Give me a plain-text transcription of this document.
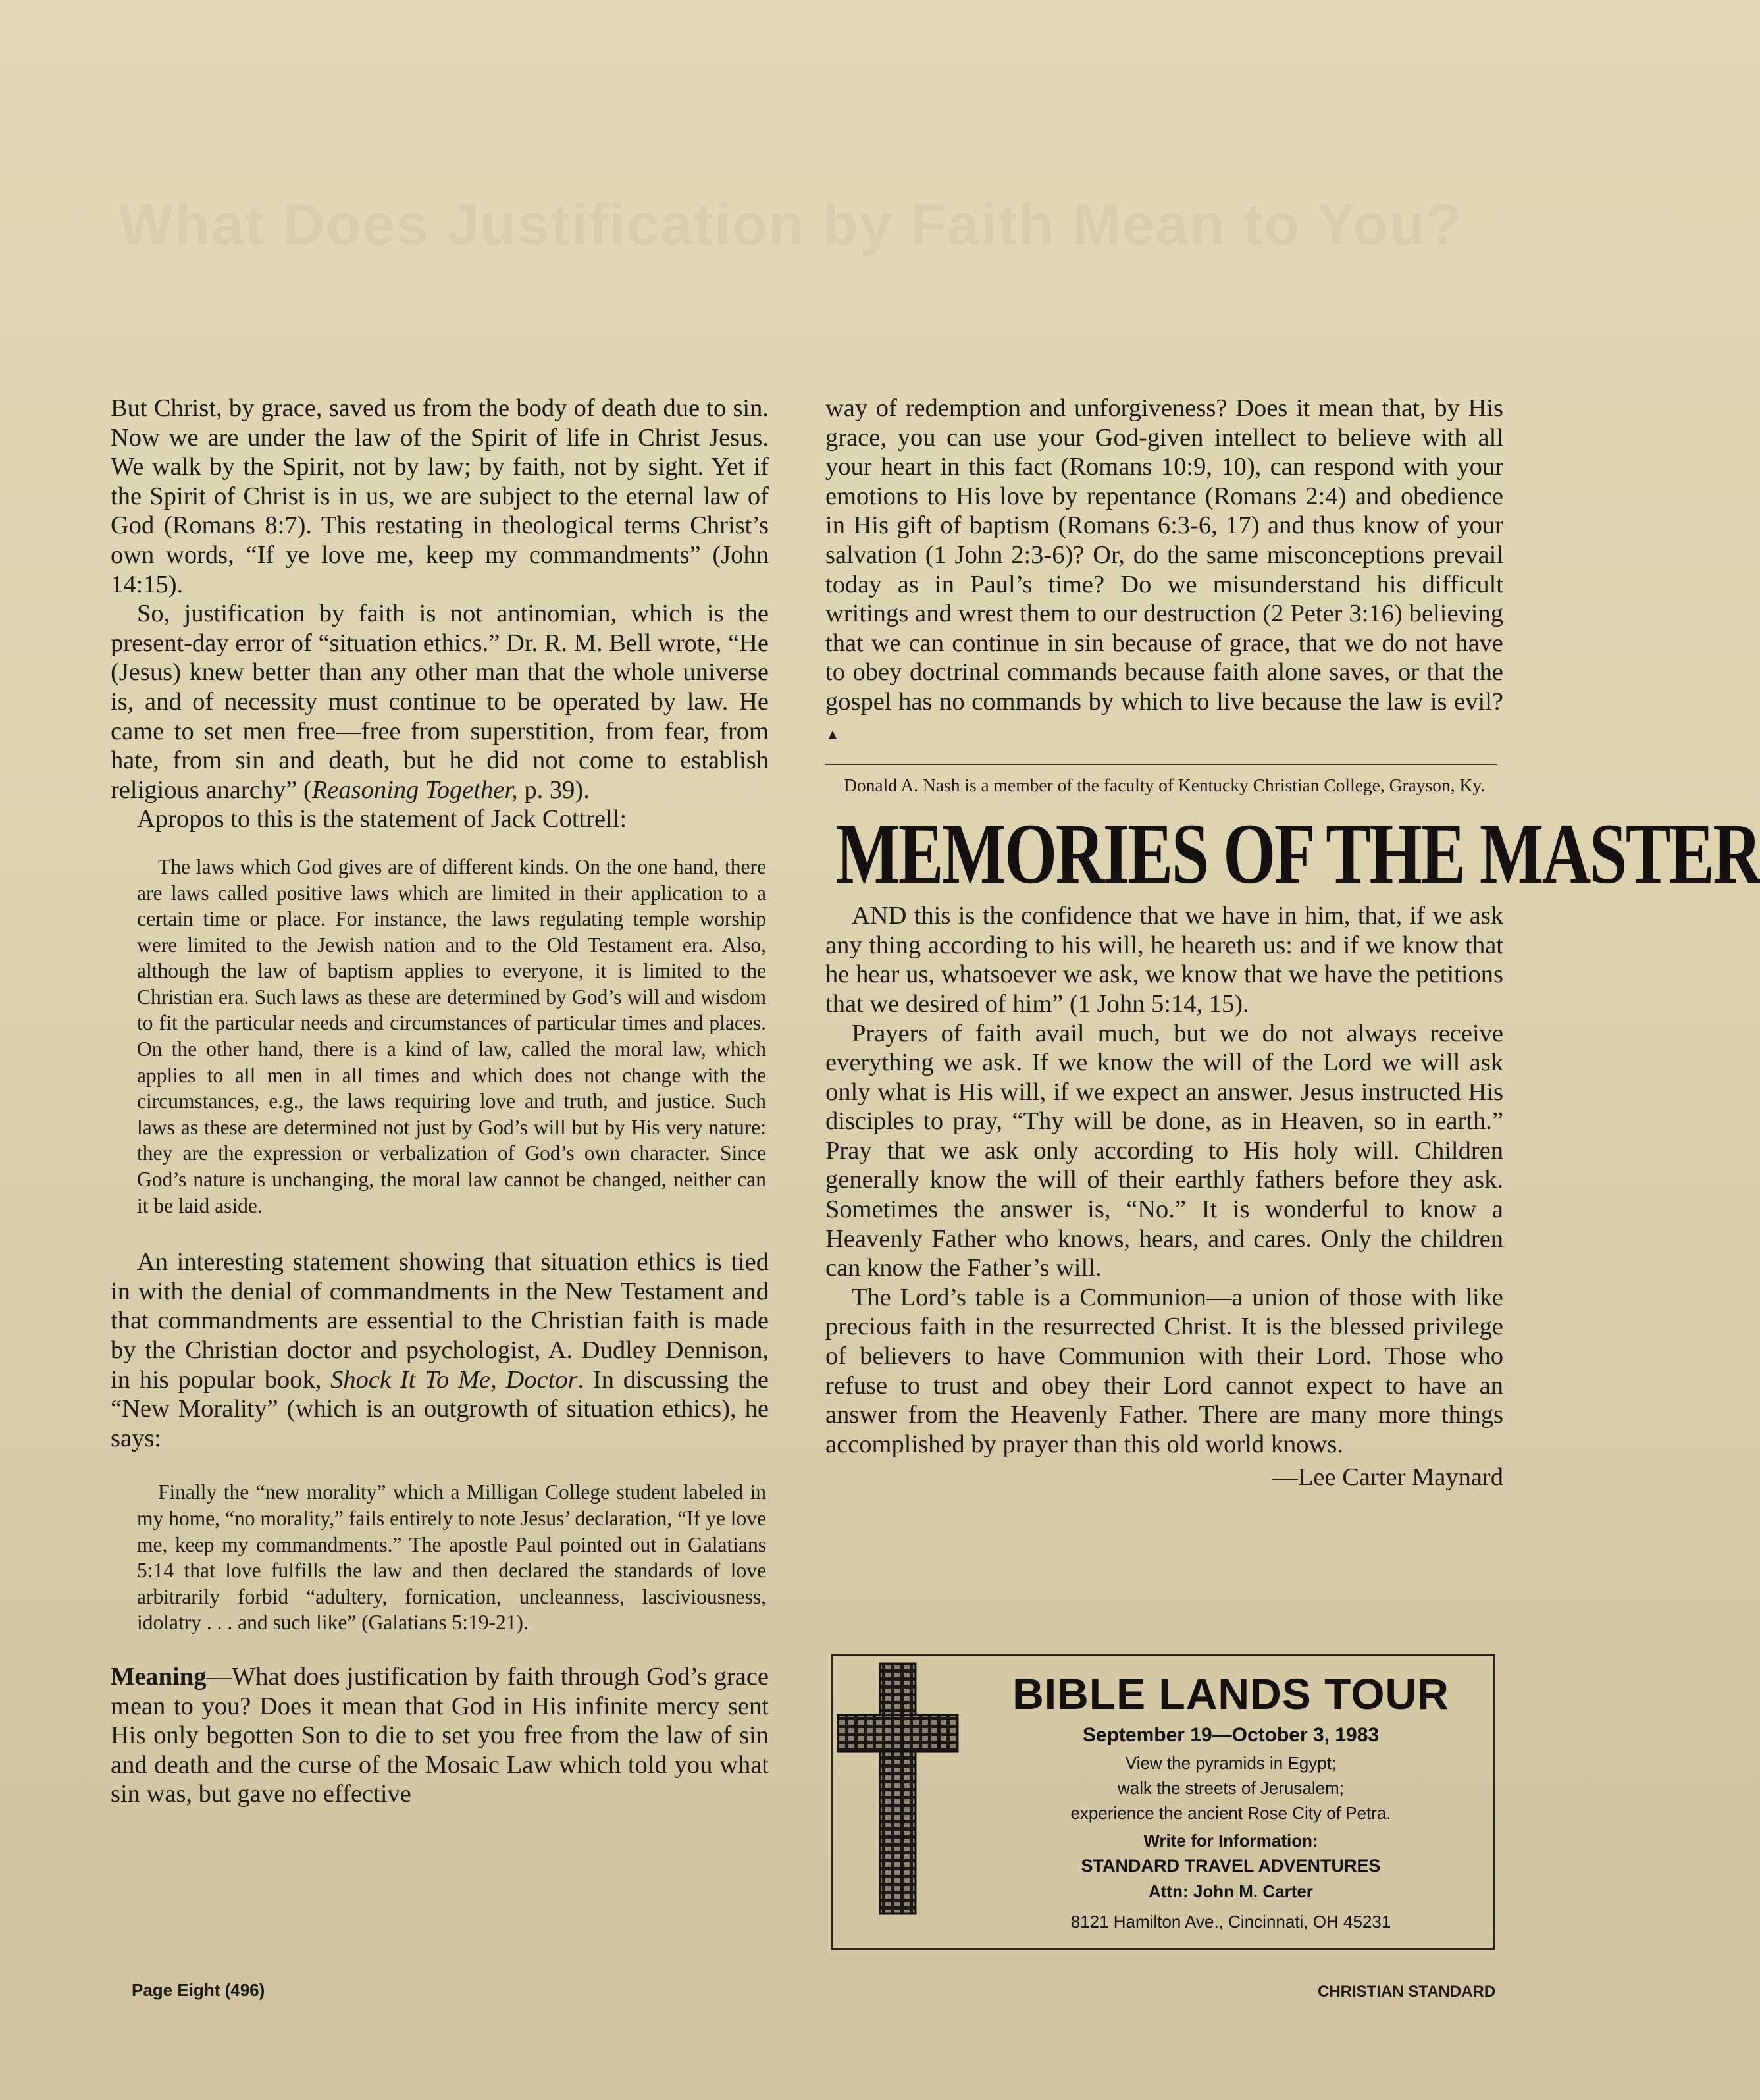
What Does Justification by Faith Mean to You?

But Christ, by grace, saved us from the body of death due to sin. Now we are under the law of the Spirit of life in Christ Jesus. We walk by the Spirit, not by law; by faith, not by sight. Yet if the Spirit of Christ is in us, we are subject to the eternal law of God (Romans 8:7). This restating in theological terms Christ’s own words, “If ye love me, keep my commandments” (John 14:15).

So, justification by faith is not antinomian, which is the present-day error of “situation ethics.” Dr. R. M. Bell wrote, “He (Jesus) knew better than any other man that the whole universe is, and of necessity must continue to be operated by law. He came to set men free—free from superstition, from fear, from hate, from sin and death, but he did not come to establish religious anarchy” (Reasoning Together, p. 39).

Apropos to this is the statement of Jack Cottrell:

The laws which God gives are of different kinds. On the one hand, there are laws called positive laws which are limited in their application to a certain time or place. For instance, the laws regulating temple worship were limited to the Jewish nation and to the Old Testament era. Also, although the law of baptism applies to everyone, it is limited to the Christian era. Such laws as these are determined by God’s will and wisdom to fit the particular needs and circumstances of particular times and places. On the other hand, there is a kind of law, called the moral law, which applies to all men in all times and which does not change with the circumstances, e.g., the laws requiring love and truth, and justice. Such laws as these are determined not just by God’s will but by His very nature: they are the expression or verbalization of God’s own character. Since God’s nature is unchanging, the moral law cannot be changed, neither can it be laid aside.

An interesting statement showing that situation ethics is tied in with the denial of commandments in the New Testament and that commandments are essential to the Christian faith is made by the Christian doctor and psychologist, A. Dudley Dennison, in his popular book, Shock It To Me, Doctor. In discussing the “New Morality” (which is an outgrowth of situation ethics), he says:

Finally the “new morality” which a Milligan College student labeled in my home, “no morality,” fails entirely to note Jesus’ declaration, “If ye love me, keep my commandments.” The apostle Paul pointed out in Galatians 5:14 that love fulfills the law and then declared the standards of love arbitrarily forbid “adultery, fornication, uncleanness, lasciviousness, idolatry . . . and such like” (Galatians 5:19-21).

Meaning—What does justification by faith through God’s grace mean to you? Does it mean that God in His infinite mercy sent His only begotten Son to die to set you free from the law of sin and death and the curse of the Mosaic Law which told you what sin was, but gave no effective

way of redemption and unforgiveness? Does it mean that, by His grace, you can use your God-given intellect to believe with all your heart in this fact (Romans 10:9, 10), can respond with your emotions to His love by repentance (Romans 2:4) and obedience in His gift of baptism (Romans 6:3-6, 17) and thus know of your salvation (1 John 2:3-6)? Or, do the same misconceptions prevail today as in Paul’s time? Do we misunderstand his difficult writings and wrest them to our destruction (2 Peter 3:16) believing that we can continue in sin because of grace, that we do not have to obey doctrinal commands because faith alone saves, or that the gospel has no commands by which to live because the law is evil? ▲

Donald A. Nash is a member of the faculty of Kentucky Christian College, Grayson, Ky.

MEMORIES OF THE MASTER

AND this is the confidence that we have in him, that, if we ask any thing according to his will, he heareth us: and if we know that he hear us, whatsoever we ask, we know that we have the petitions that we desired of him” (1 John 5:14, 15).

Prayers of faith avail much, but we do not always receive everything we ask. If we know the will of the Lord we will ask only what is His will, if we expect an answer. Jesus instructed His disciples to pray, “Thy will be done, as in Heaven, so in earth.” Pray that we ask only according to His holy will. Children generally know the will of their earthly fathers before they ask. Sometimes the answer is, “No.” It is wonderful to know a Heavenly Father who knows, hears, and cares. Only the children can know the Father’s will.

The Lord’s table is a Communion—a union of those with like precious faith in the resurrected Christ. It is the blessed privilege of believers to have Communion with their Lord. Those who refuse to trust and obey their Lord cannot expect to have an answer from the Heavenly Father. There are many more things accomplished by prayer than this old world knows.

—Lee Carter Maynard

BIBLE LANDS TOUR
September 19—October 3, 1983
View the pyramids in Egypt;
walk the streets of Jerusalem;
experience the ancient Rose City of Petra.
Write for Information:
STANDARD TRAVEL ADVENTURES
Attn: John M. Carter
8121 Hamilton Ave., Cincinnati, OH 45231
Page Eight (496)	CHRISTIAN STANDARD
